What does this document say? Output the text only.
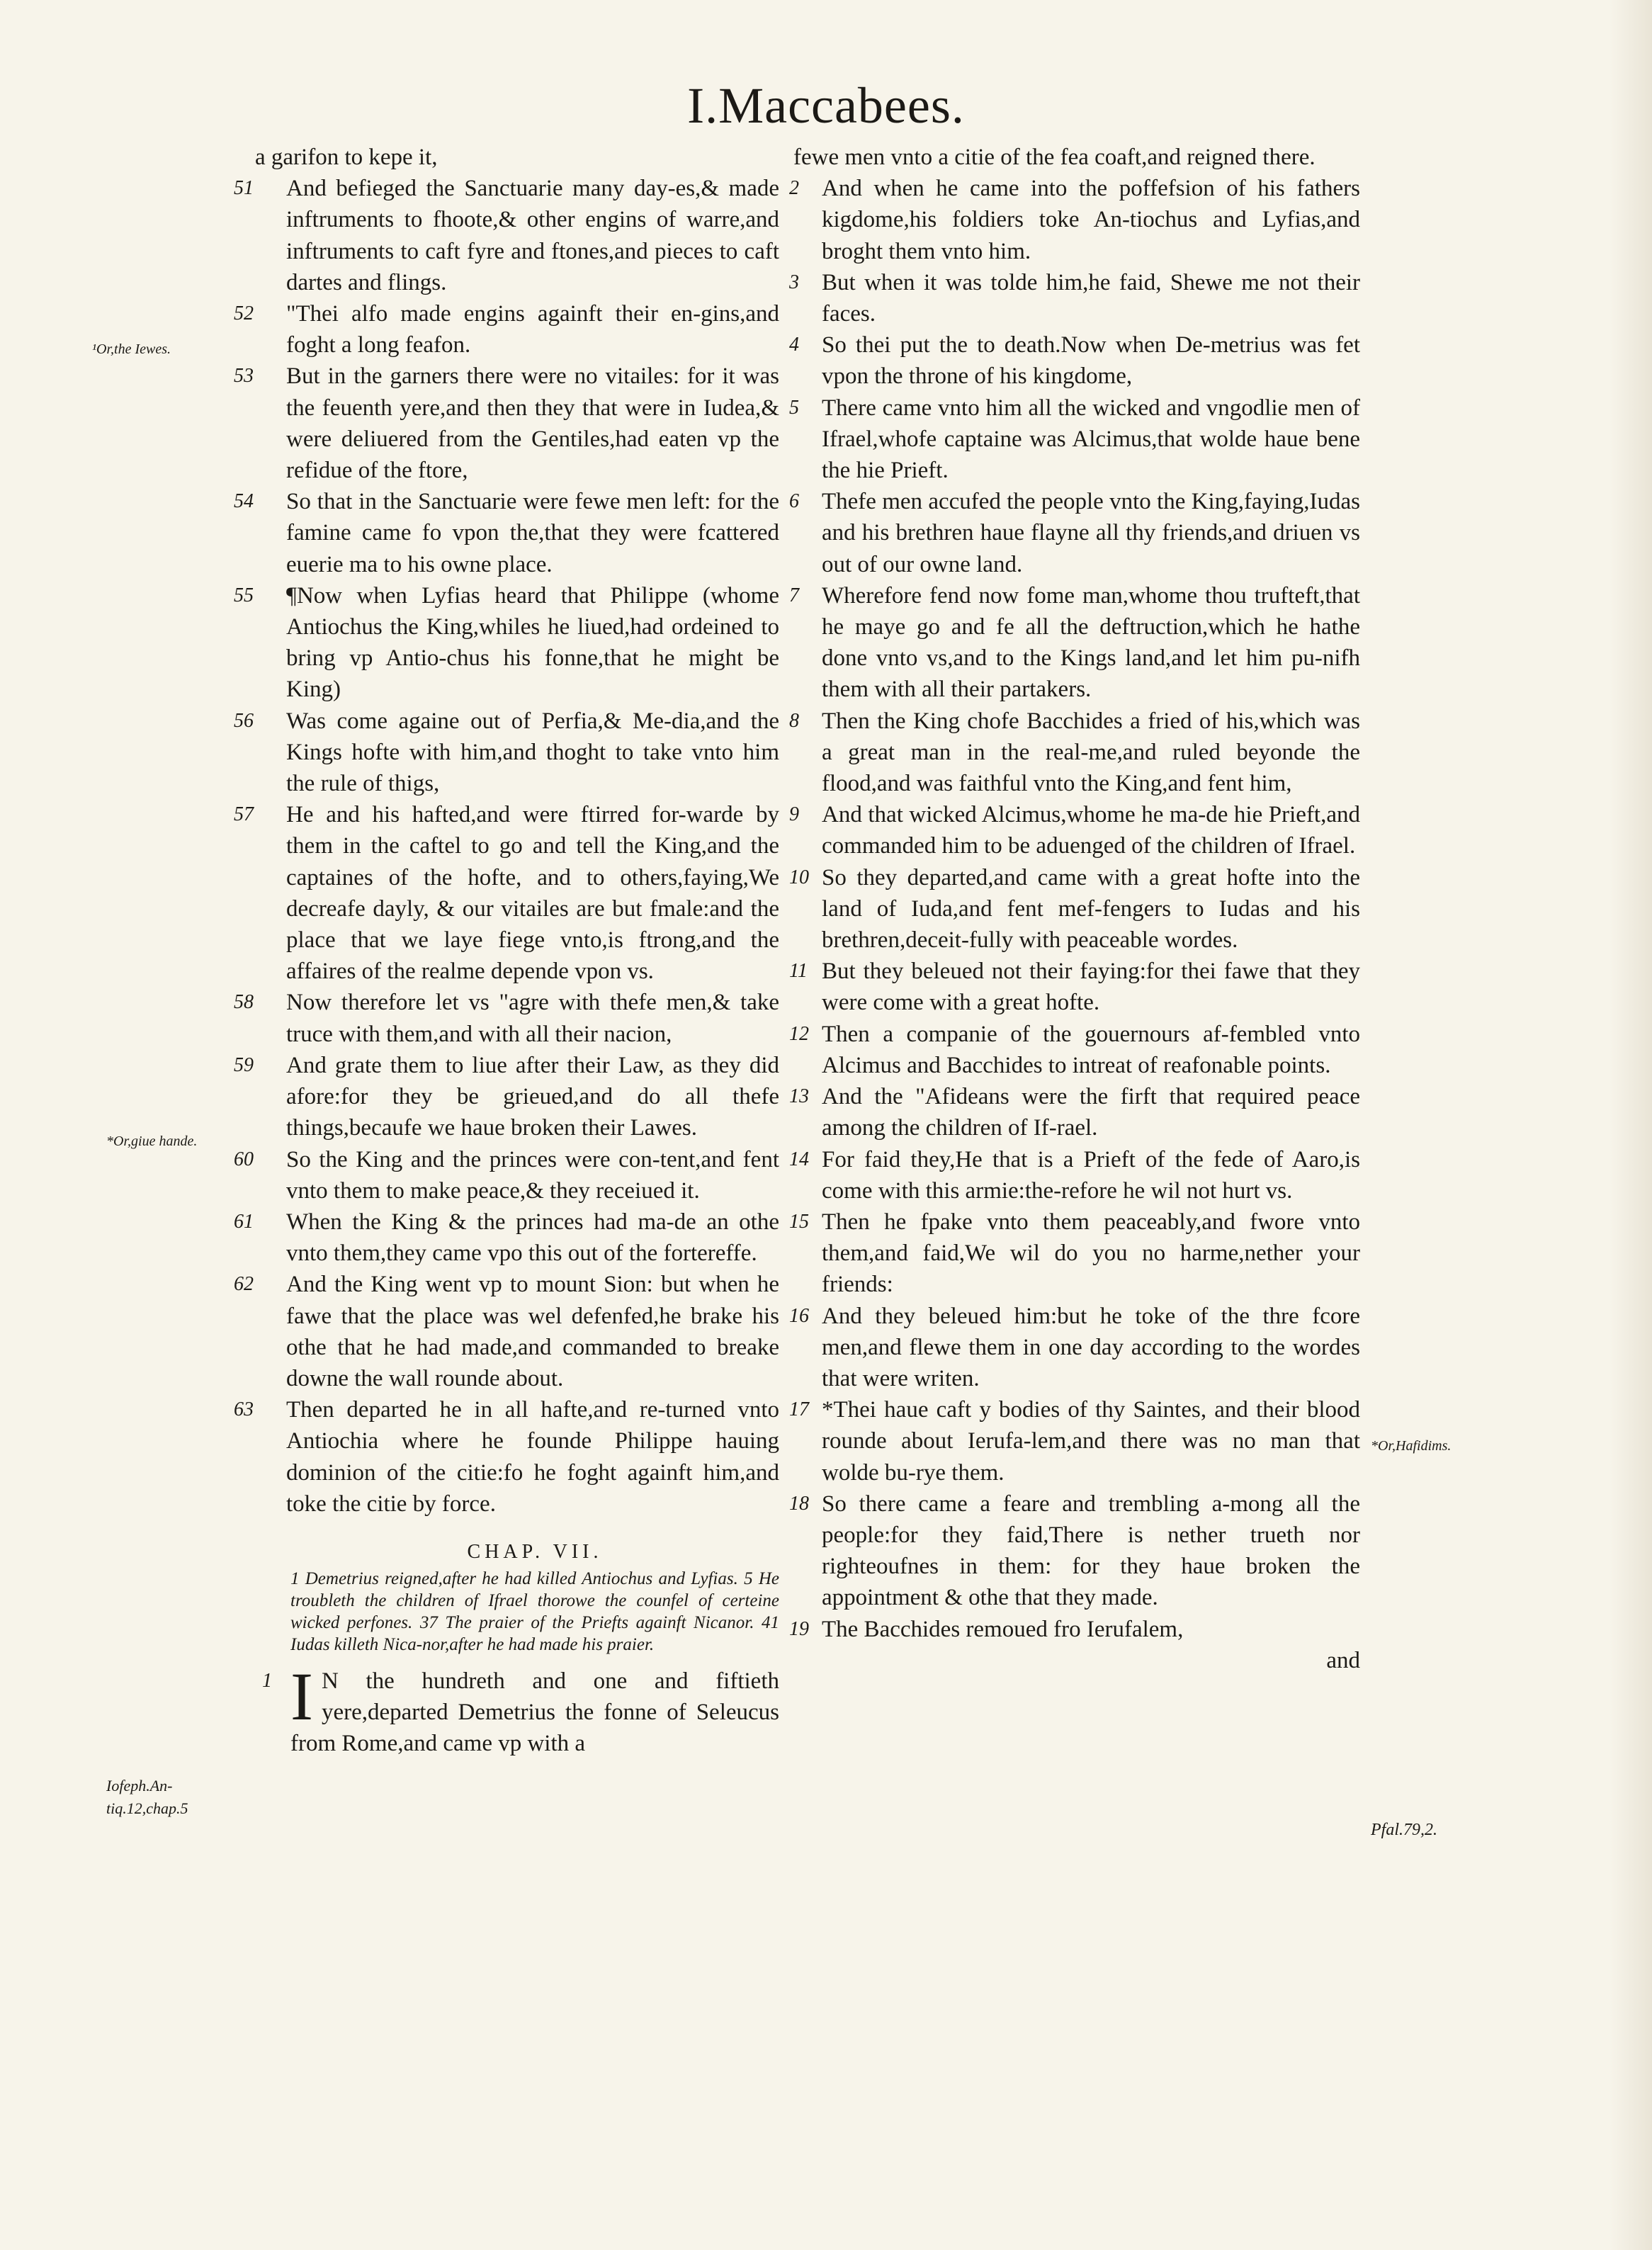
I.Maccabees.
a garifon to kepe it,
51	And befieged the Sanctuarie many day-es,& made inftruments to fhoote,& other engins of warre,and inftruments to caft fyre and ftones,and pieces to caft dartes and flings.
52	"Thei alfo made engins againft their en-gins,and foght a long feafon.
53	But in the garners there were no vitailes: for it was the feuenth yere,and then they that were in Iudea,& were deliuered from the Gentiles,had eaten vp the refidue of the ftore,
54	So that in the Sanctuarie were fewe men left: for the famine came fo vpon the,that they were fcattered euerie ma to his owne place.
55	¶Now when Lyfias heard that Philippe (whome Antiochus the King,whiles he liued,had ordeined to bring vp Antio-chus his fonne,that he might be King)
56	Was come againe out of Perfia,& Me-dia,and the Kings hofte with him,and thoght to take vnto him the rule of thigs,
57	He and his hafted,and were ftirred for-warde by them in the caftel to go and tell the King,and the captaines of the hofte, and to others,faying,We decreafe dayly, & our vitailes are but fmale:and the place that we laye fiege vnto,is ftrong,and the affaires of the realme depende vpon vs.
58	Now therefore let vs "agre with thefe men,& take truce with them,and with all their nacion,
59	And grate them to liue after their Law, as they did afore:for they be grieued,and do all thefe things,becaufe we haue broken their Lawes.
60	So the King and the princes were con-tent,and fent vnto them to make peace,& they receiued it.
61	When the King & the princes had ma-de an othe vnto them,they came vpo this out of the fortereffe.
62	And the King went vp to mount Sion: but when he fawe that the place was wel defenfed,he brake his othe that he had made,and commanded to breake downe the wall rounde about.
63	Then departed he in all hafte,and re-turned vnto Antiochia where he founde Philippe hauing dominion of the citie:fo he foght againft him,and toke the citie by force.
CHAP. VII.
1 Demetrius reigned,after he had killed Antiochus and Lyfias. 5 He troubleth the children of Ifrael thorowe the counfel of certeine wicked perfones. 37 The praier of the Priefts againft Nicanor. 41 Iudas killeth Nica-nor,after he had made his praier.
1 I N the hundreth and one and fiftieth yere,departed Demetrius the fonne of Seleucus from Rome,and came vp with a
¹Or,the Iewes.
*Or,giue hande.
Iofeph.An-tiq.12,chap.5
fewe men vnto a citie of the fea coaft,and reigned there.
2 And when he came into the poffefsion of his fathers kigdome,his foldiers toke An-tiochus and Lyfias,and broght them vnto him.
3 But when it was tolde him,he faid, Shewe me not their faces.
4 So thei put the to death.Now when De-metrius was fet vpon the throne of his kingdome,
5 There came vnto him all the wicked and vngodlie men of Ifrael,whofe captaine was Alcimus,that wolde haue bene the hie Prieft.
6 Thefe men accufed the people vnto the King,faying,Iudas and his brethren haue flayne all thy friends,and driuen vs out of our owne land.
7 Wherefore fend now fome man,whome thou trufteft,that he maye go and fe all the deftruction,which he hathe done vnto vs,and to the Kings land,and let him pu-nifh them with all their partakers.
8 Then the King chofe Bacchides a fried of his,which was a great man in the real-me,and ruled beyonde the flood,and was faithful vnto the King,and fent him,
9 And that wicked Alcimus,whome he ma-de hie Prieft,and commanded him to be aduenged of the children of Ifrael.
10 So they departed,and came with a great hofte into the land of Iuda,and fent mef-fengers to Iudas and his brethren,deceit-fully with peaceable wordes.
11 But they beleued not their faying:for thei fawe that they were come with a great hofte.
12 Then a companie of the gouernours af-fembled vnto Alcimus and Bacchides to intreat of reafonable points.
13 And the "Afideans were the firft that required peace among the children of If-rael.
14 For faid they,He that is a Prieft of the fede of Aaro,is come with this armie:the-refore he wil not hurt vs.
15 Then he fpake vnto them peaceably,and fwore vnto them,and faid,We wil do you no harme,nether your friends:
16 And they beleued him:but he toke of the thre fcore men,and flewe them in one day according to the wordes that were writen.
17 *Thei haue caft y bodies of thy Saintes, and their blood rounde about Ierufa-lem,and there was no man that wolde bu-rye them.
18 So there came a feare and trembling a-mong all the people:for they faid,There is nether trueth nor righteoufnes in them: for they haue broken the appointment & othe that they made.
19 The Bacchides remoued fro Ierufalem,
and
*Or,Hafidims.
Pfal.79,2.
